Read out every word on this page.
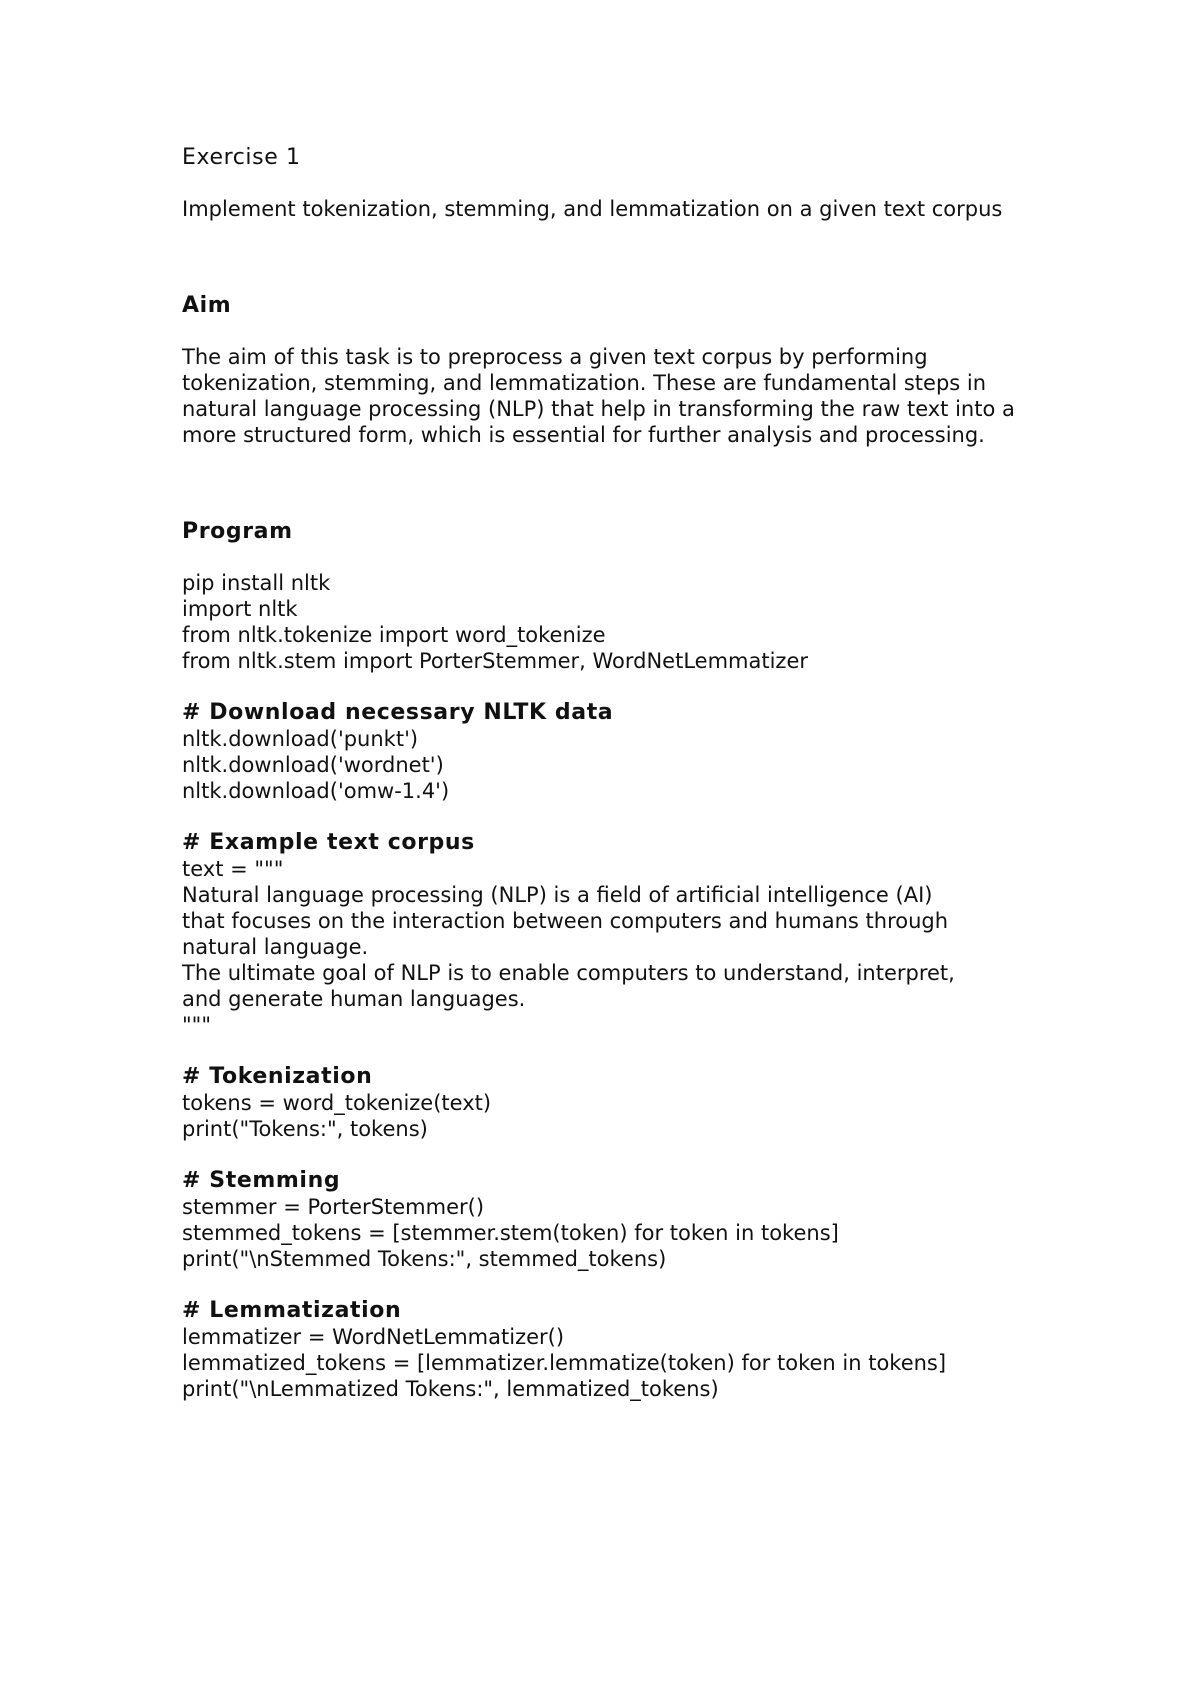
Exercise 1
Implement tokenization, stemming, and lemmatization on a given text corpus
Aim
The aim of this task is to preprocess a given text corpus by performing tokenization, stemming, and lemmatization. These are fundamental steps in natural language processing (NLP) that help in transforming the raw text into a more structured form, which is essential for further analysis and processing.
Program
pip install nltk
import nltk
from nltk.tokenize import word_tokenize
from nltk.stem import PorterStemmer, WordNetLemmatizer
# Download necessary NLTK data
nltk.download('punkt')
nltk.download('wordnet')
nltk.download('omw-1.4')
# Example text corpus
text = """
Natural language processing (NLP) is a field of artificial intelligence (AI)
that focuses on the interaction between computers and humans through
natural language.
The ultimate goal of NLP is to enable computers to understand, interpret,
and generate human languages.
"""
# Tokenization
tokens = word_tokenize(text)
print("Tokens:", tokens)
# Stemming
stemmer = PorterStemmer()
stemmed_tokens = [stemmer.stem(token) for token in tokens]
print("\nStemmed Tokens:", stemmed_tokens)
# Lemmatization
lemmatizer = WordNetLemmatizer()
lemmatized_tokens = [lemmatizer.lemmatize(token) for token in tokens]
print("\nLemmatized Tokens:", lemmatized_tokens)
